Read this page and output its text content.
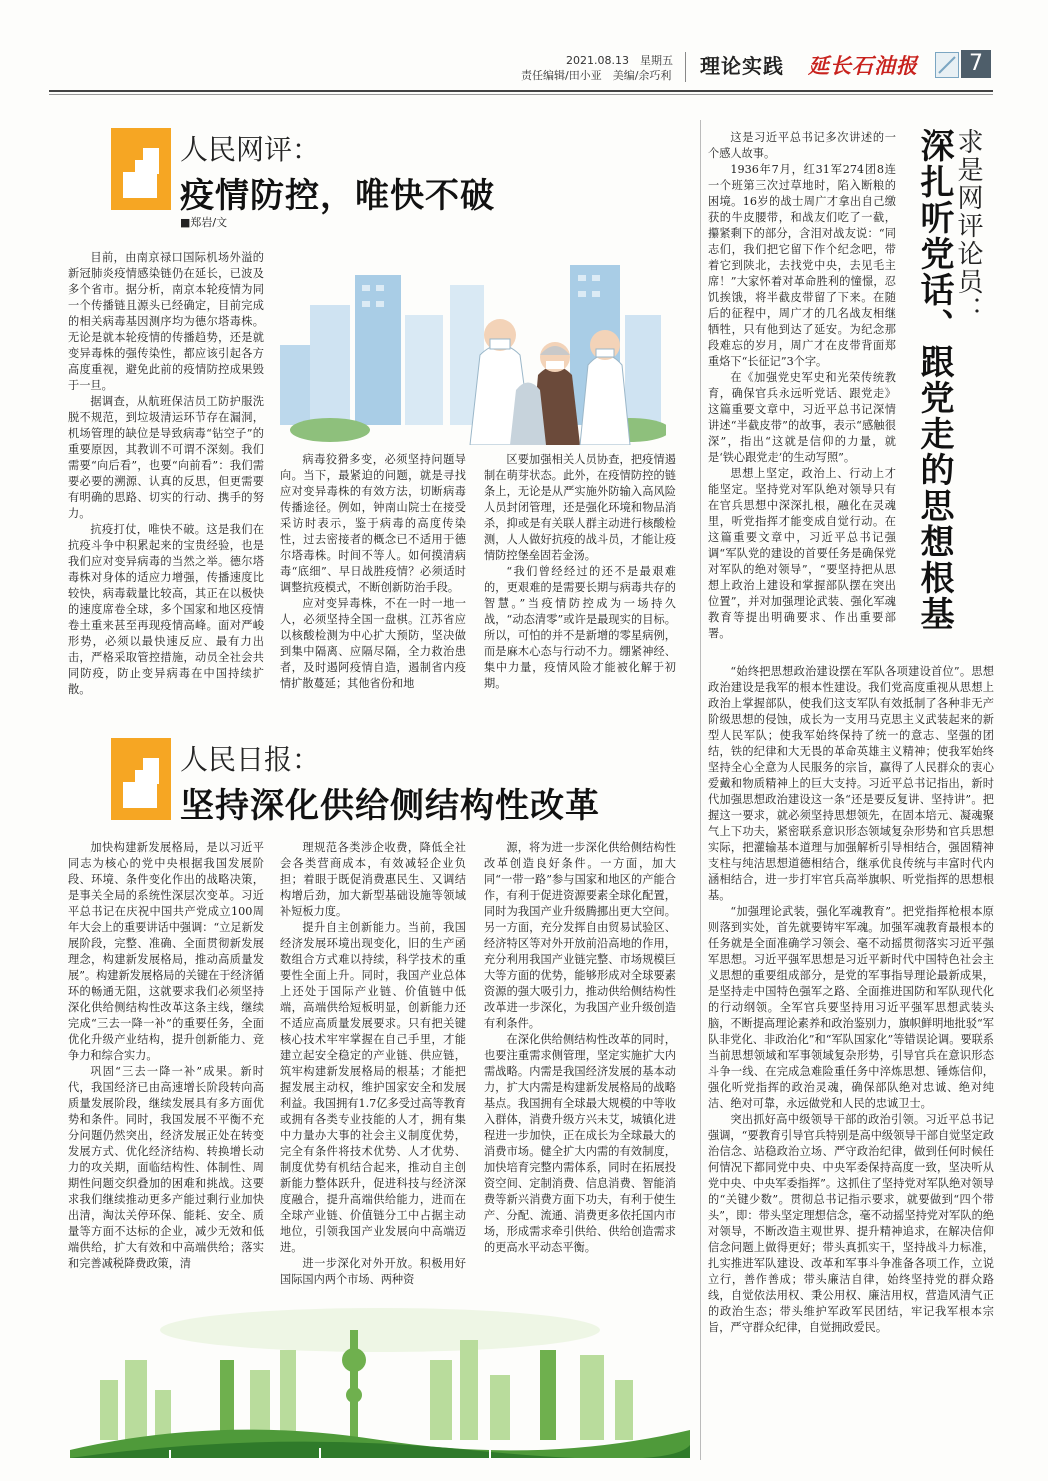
2021.08.13　星期五
责任编辑/田小亚　美编/余巧利 理论实践 延长石油报	7
人民网评：
疫情防控，唯快不破
■郑岩/文

目前，由南京禄口国际机场外溢的新冠肺炎疫情感染链仍在延长，已波及多个省市。据分析，南京本轮疫情为同一个传播链且源头已经确定，目前完成的相关病毒基因测序均为德尔塔毒株。无论是就本轮疫情的传播趋势，还是就变异毒株的强传染性，都应该引起各方高度重视，避免此前的疫情防控成果毁于一旦。

据调查，从航班保洁员工防护服洗脱不规范，到垃圾清运环节存在漏洞，机场管理的缺位是导致病毒“钻空子”的重要原因，其教训不可谓不深刻。我们需要“向后看”，也要“向前看”：我们需要必要的溯源、认真的反思，但更需要有明确的思路、切实的行动、携手的努力。

抗疫打仗，唯快不破。这是我们在抗疫斗争中积累起来的宝贵经验，也是我们应对变异病毒的当然之举。德尔塔毒株对身体的适应力增强，传播速度比较快，病毒载量比较高，其正在以极快的速度席卷全球，多个国家和地区疫情卷土重来甚至再现疫情高峰。面对严峻形势，必须以最快速反应、最有力出击，严格采取管控措施，动员全社会共同防疫，防止变异病毒在中国持续扩散。

病毒狡猾多变，必须坚持问题导向。当下，最紧迫的问题，就是寻找应对变异毒株的有效方法，切断病毒传播途径。例如，钟南山院士在接受采访时表示，鉴于病毒的高度传染性，过去密接者的概念已不适用于德尔塔毒株。时间不等人。如何摸清病毒“底细”、早日战胜疫情？必须适时调整抗疫模式，不断创新防治手段。

应对变异毒株，不在一时一地一人，必须坚持全国一盘棋。江苏省应以核酸检测为中心扩大预防，坚决做到集中隔离、应隔尽隔，全力救治患者，及时遏阿疫情自造，遏制省内疫情扩散蔓延；其他省份和地

区要加强相关人员协查，把疫情遏制在萌芽状态。此外，在疫情防控的链条上，无论是从严实施外防输入高风险人员封闭管理，还是强化环境和物品消杀，抑或是有关联人群主动进行核酸检测，人人做好抗疫的战斗员，才能让疫情防控堡垒固若金汤。

“我们曾经经过的还不是最艰难的，更艰难的是需要长期与病毒共存的智慧。”当疫情防控成为一场持久战，“动态清零”或许是最现实的目标。所以，可怕的并不是新增的零星病例，而是麻木心态与行动不力。绷紧神经、集中力量，疫情风险才能被化解于初期。

人民日报：
坚持深化供给侧结构性改革

加快构建新发展格局，是以习近平同志为核心的党中央根据我国发展阶段、环境、条件变化作出的战略决策，是事关全局的系统性深层次变革。习近平总书记在庆祝中国共产党成立100周年大会上的重要讲话中强调：“立足新发展阶段，完整、准确、全面贯彻新发展理念，构建新发展格局，推动高质量发展”。构建新发展格局的关键在于经济循环的畅通无阻，这就要求我们必须坚持深化供给侧结构性改革这条主线，继续完成“三去一降一补”的重要任务，全面优化升级产业结构，提升创新能力、竞争力和综合实力。

巩固“三去一降一补”成果。新时代，我国经济已由高速增长阶段转向高质量发展阶段，继续发展具有多方面优势和条件。同时，我国发展不平衡不充分问题仍然突出，经济发展正处在转变发展方式、优化经济结构、转换增长动力的攻关期，面临结构性、体制性、周期性问题交织叠加的困难和挑战。这要求我们继续推动更多产能过剩行业加快出清，淘汰关停环保、能耗、安全、质量等方面不达标的企业，减少无效和低端供给，扩大有效和中高端供给；落实和完善减税降费政策，清

理规范各类涉企收费，降低全社会各类营商成本，有效减轻企业负担；着眼于既促消费惠民生、又调结构增后劲，加大新型基础设施等领域补短板力度。

提升自主创新能力。当前，我国经济发展环境出现变化，旧的生产函数组合方式难以持续，科学技术的重要性全面上升。同时，我国产业总体上还处于国际产业链、价值链中低端，高端供给短板明显，创新能力还不适应高质量发展要求。只有把关键核心技术牢牢掌握在自己手里，才能建立起安全稳定的产业链、供应链，筑牢构建新发展格局的根基；才能把握发展主动权，维护国家安全和发展利益。我国拥有1.7亿多受过高等教育或拥有各类专业技能的人才，拥有集中力量办大事的社会主义制度优势，完全有条件将技术优势、人才优势、制度优势有机结合起来，推动自主创新能力整体跃升，促进科技与经济深度融合，提升高端供给能力，进而在全球产业链、价值链分工中占据主动地位，引领我国产业发展向中高端迈进。

进一步深化对外开放。积极用好国际国内两个市场、两种资

源，将为进一步深化供给侧结构性改革创造良好条件。一方面，加大同“一带一路”参与国家和地区的产能合作，有利于促进资源要素全球化配置，同时为我国产业升级腾挪出更大空间。另一方面，充分发挥自由贸易试验区、经济特区等对外开放前沿高地的作用，充分利用我国产业链完整、市场规模巨大等方面的优势，能够形成对全球要素资源的强大吸引力，推动供给侧结构性改革进一步深化，为我国产业升级创造有利条件。

在深化供给侧结构性改革的同时，也要注重需求侧管理，坚定实施扩大内需战略。内需是我国经济发展的基本动力，扩大内需是构建新发展格局的战略基点。我国拥有全球最大规模的中等收入群体，消费升级方兴未艾，城镇化进程进一步加快，正在成长为全球最大的消费市场。健全扩大内需的有效制度，加快培育完整内需体系，同时在拓展投资空间、定制消费、信息消费、智能消费等新兴消费方面下功夫，有利于使生产、分配、流通、消费更多依托国内市场，形成需求牵引供给、供给创造需求的更高水平动态平衡。

求是网评论员：
深扎听党话、跟党走的思想根基

这是习近平总书记多次讲述的一个感人故事。

1936年7月，红31军274团8连一个班第三次过草地时，陷入断粮的困境。16岁的战士周广才拿出自己缴获的牛皮腰带，和战友们吃了一截，攥紧剩下的部分，含泪对战友说：“同志们，我们把它留下作个纪念吧，带着它到陕北，去找党中央，去见毛主席！”大家怀着对革命胜利的憧憬，忍饥挨饿，将半截皮带留了下来。在随后的征程中，周广才的几名战友相继牺牲，只有他到达了延安。为纪念那段难忘的岁月，周广才在皮带背面郑重烙下“长征记”3个字。

在《加强党史军史和光荣传统教育，确保官兵永远听党话、跟党走》这篇重要文章中，习近平总书记深情讲述“半截皮带”的故事，表示“感触很深”，指出“这就是信仰的力量，就是‘铁心跟党走’的生动写照”。

思想上坚定，政治上、行动上才能坚定。坚持党对军队绝对领导只有在官兵思想中深深扎根，融化在灵魂里，听党指挥才能变成自觉行动。在这篇重要文章中，习近平总书记强调“军队党的建设的首要任务是确保党对军队的绝对领导”，“要坚持把从思想上政治上建设和掌握部队摆在突出位置”，并对加强理论武装、强化军魂教育等提出明确要求、作出重要部署。

“始终把思想政治建设摆在军队各项建设首位”。思想政治建设是我军的根本性建设。我们党高度重视从思想上政治上掌握部队，使我们这支军队有效抵制了各种非无产阶级思想的侵蚀，成长为一支用马克思主义武装起来的新型人民军队；使我军始终保持了统一的意志、坚强的团结，铁的纪律和大无畏的革命英雄主义精神；使我军始终坚持全心全意为人民服务的宗旨，赢得了人民群众的衷心爱戴和物质精神上的巨大支持。习近平总书记指出，新时代加强思想政治建设这一条“还是要反复讲、坚持讲”。把握这一要求，就必须坚持思想领先，在固本培元、凝魂聚气上下功夫，紧密联系意识形态领域复杂形势和官兵思想实际，把灌输基本道理与加强解析引导相结合，强固精神支柱与纯洁思想道德相结合，继承优良传统与丰富时代内涵相结合，进一步打牢官兵高举旗帜、听党指挥的思想根基。

“加强理论武装，强化军魂教育”。把党指挥枪根本原则落到实处，首先就要铸牢军魂。加强军魂教育最根本的任务就是全面准确学习领会、毫不动摇贯彻落实习近平强军思想。习近平强军思想是习近平新时代中国特色社会主义思想的重要组成部分，是党的军事指导理论最新成果，是坚持走中国特色强军之路、全面推进国防和军队现代化的行动纲领。全军官兵要坚持用习近平强军思想武装头脑，不断提高理论素养和政治鉴别力，旗帜鲜明地批驳“军队非党化、非政治化”和“军队国家化”等错误论调。要联系当前思想领域和军事领域复杂形势，引导官兵在意识形态斗争一线、在完成急难险重任务中淬炼思想、锤炼信仰，强化听党指挥的政治灵魂，确保部队绝对忠诚、绝对纯洁、绝对可靠，永远做党和人民的忠诚卫士。

突出抓好高中级领导干部的政治引领。习近平总书记强调，“要教育引导官兵特别是高中级领导干部自觉坚定政治信念、站稳政治立场、严守政治纪律，做到任何时候任何情况下都同党中央、中央军委保持高度一致，坚决听从党中央、中央军委指挥”。这抓住了坚持党对军队绝对领导的“关键少数”。贯彻总书记指示要求，就要做到“四个带头”，即：带头坚定理想信念，毫不动摇坚持党对军队的绝对领导，不断改造主观世界、提升精神追求，在解决信仰信念问题上做得更好；带头真抓实干，坚持战斗力标准，扎实推进军队建设、改革和军事斗争准备各项工作，立说立行，善作善成；带头廉洁自律，始终坚持党的群众路线，自觉依法用权、秉公用权、廉洁用权，营造风清气正的政治生态；带头维护军政军民团结，牢记我军根本宗旨，严守群众纪律，自觉拥政爱民。
